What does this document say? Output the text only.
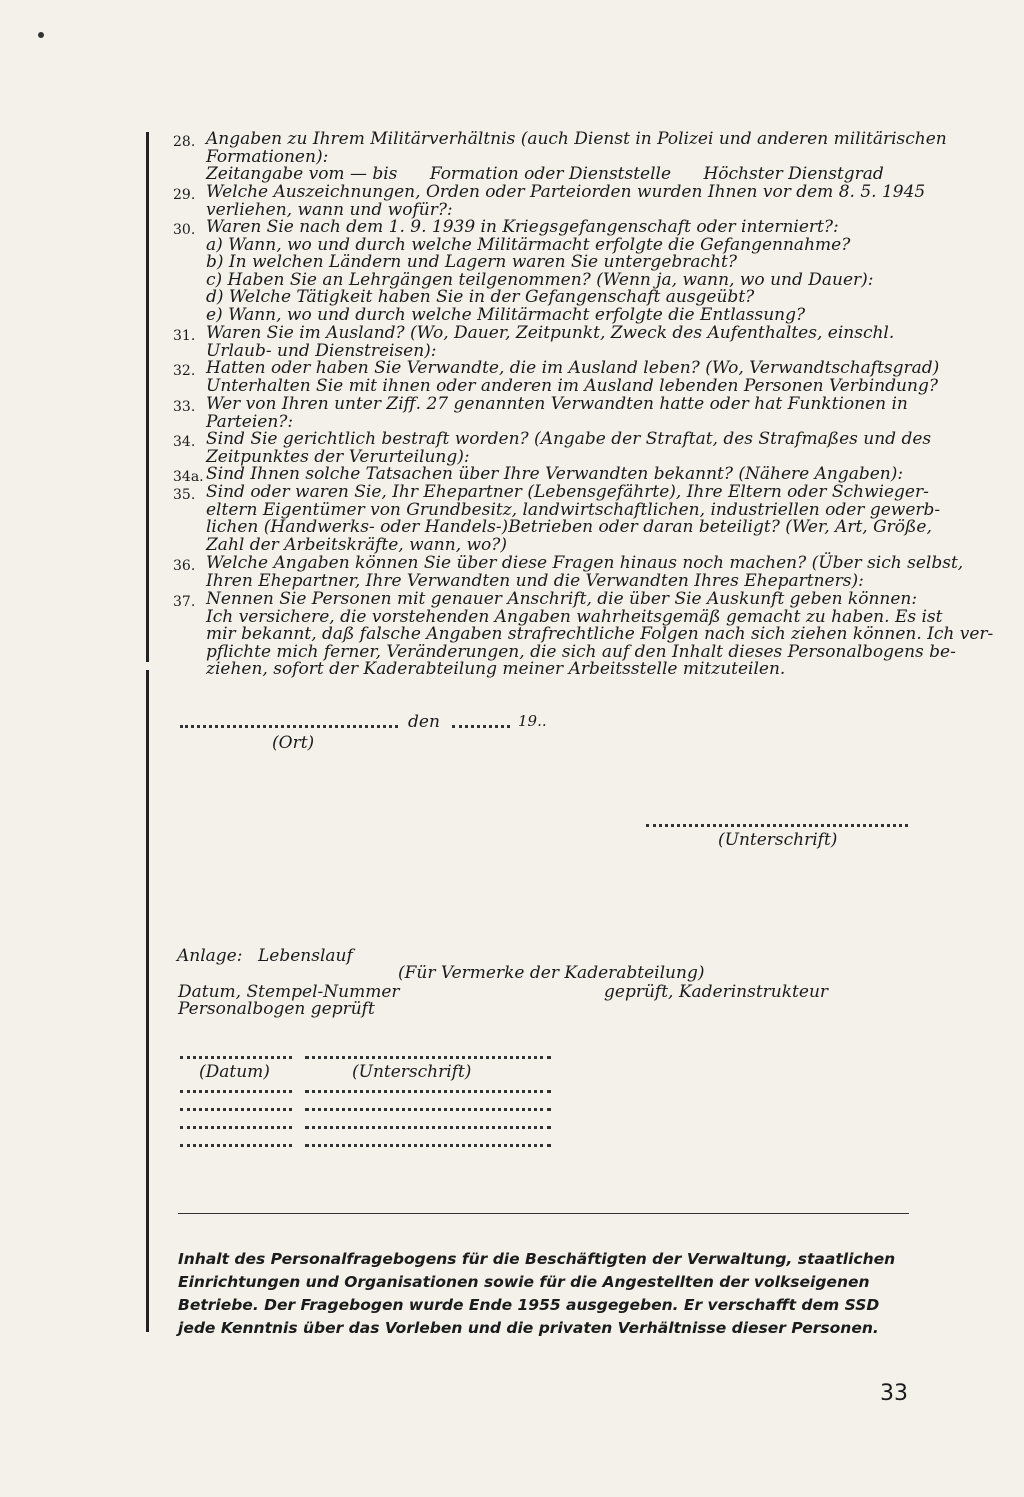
28. Angaben zu Ihrem Militärverhältnis (auch Dienst in Polizei und anderen militärischen
Formationen):
Zeitangabe vom — bis      Formation oder Dienststelle      Höchster Dienstgrad
29. Welche Auszeichnungen, Orden oder Parteiorden wurden Ihnen vor dem 8. 5. 1945
verliehen, wann und wofür?:
30. Waren Sie nach dem 1. 9. 1939 in Kriegsgefangenschaft oder interniert?:
a) Wann, wo und durch welche Militärmacht erfolgte die Gefangennahme?
b) In welchen Ländern und Lagern waren Sie untergebracht?
c) Haben Sie an Lehrgängen teilgenommen? (Wenn ja, wann, wo und Dauer):
d) Welche Tätigkeit haben Sie in der Gefangenschaft ausgeübt?
e) Wann, wo und durch welche Militärmacht erfolgte die Entlassung?
31. Waren Sie im Ausland? (Wo, Dauer, Zeitpunkt, Zweck des Aufenthaltes, einschl.
Urlaub- und Dienstreisen):
32. Hatten oder haben Sie Verwandte, die im Ausland leben? (Wo, Verwandtschaftsgrad)
Unterhalten Sie mit ihnen oder anderen im Ausland lebenden Personen Verbindung?
33. Wer von Ihren unter Ziff. 27 genannten Verwandten hatte oder hat Funktionen in
Parteien?:
34. Sind Sie gerichtlich bestraft worden? (Angabe der Straftat, des Strafmaßes und des
Zeitpunktes der Verurteilung):
34a. Sind Ihnen solche Tatsachen über Ihre Verwandten bekannt? (Nähere Angaben):
35. Sind oder waren Sie, Ihr Ehepartner (Lebensgefährte), Ihre Eltern oder Schwieger-
eltern Eigentümer von Grundbesitz, landwirtschaftlichen, industriellen oder gewerb-
lichen (Handwerks- oder Handels-)Betrieben oder daran beteiligt? (Wer, Art, Größe,
Zahl der Arbeitskräfte, wann, wo?)
36. Welche Angaben können Sie über diese Fragen hinaus noch machen? (Über sich selbst,
Ihren Ehepartner, Ihre Verwandten und die Verwandten Ihres Ehepartners):
37. Nennen Sie Personen mit genauer Anschrift, die über Sie Auskunft geben können:
Ich versichere, die vorstehenden Angaben wahrheitsgemäß gemacht zu haben. Es ist
mir bekannt, daß falsche Angaben strafrechtliche Folgen nach sich ziehen können. Ich ver-
pflichte mich ferner, Veränderungen, die sich auf den Inhalt dieses Personalbogens be-
ziehen, sofort der Kaderabteilung meiner Arbeitsstelle mitzuteilen.
den	19..
(Ort)
(Unterschrift)
Anlage: Lebenslauf
(Für Vermerke der Kaderabteilung)
Datum, Stempel-Nummer	geprüft, Kaderinstrukteur
Personalbogen geprüft
(Datum)	(Unterschrift)
Inhalt des Personalfragebogens für die Beschäftigten der Verwaltung, staatlichen
Einrichtungen und Organisationen sowie für die Angestellten der volkseigenen
Betriebe. Der Fragebogen wurde Ende 1955 ausgegeben. Er verschafft dem SSD
jede Kenntnis über das Vorleben und die privaten Verhältnisse dieser Personen.
33
